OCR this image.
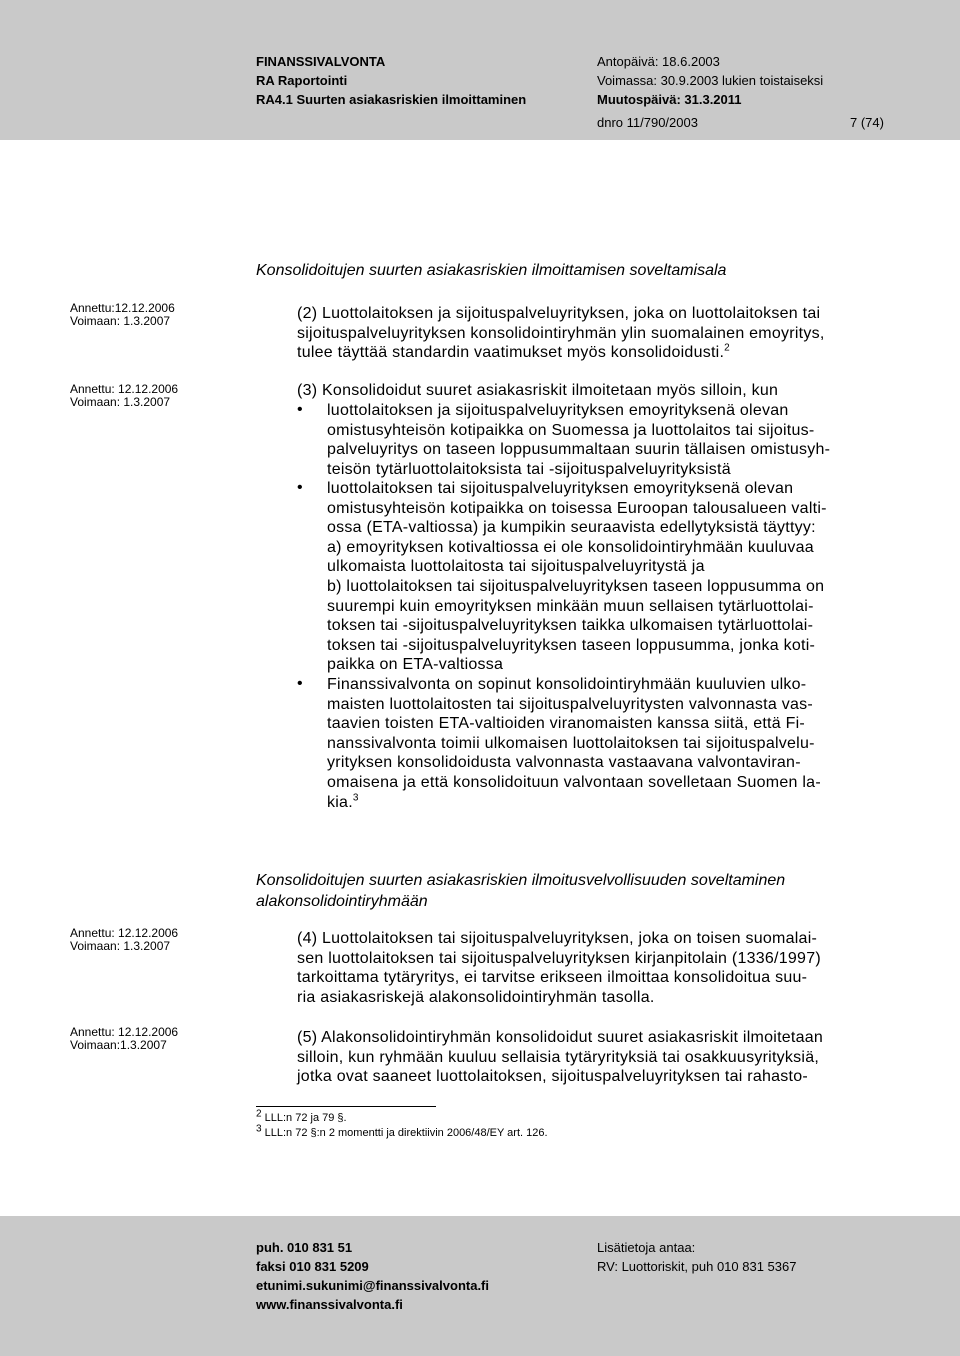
FINANSSIVALVONTA
RA Raportointi
RA4.1 Suurten asiakasriskien ilmoittaminen
Antopäivä: 18.6.2003
Voimassa: 30.9.2003 lukien toistaiseksi
Muutospäivä: 31.3.2011
dnro 11/790/2003	7 (74)
Konsolidoitujen suurten asiakasriskien ilmoittamisen soveltamisala
Annettu:12.12.2006
Voimaan: 1.3.2007
Annettu: 12.12.2006
Voimaan: 1.3.2007
(2) Luottolaitoksen ja sijoituspalveluyrityksen, joka on luottolaitoksen tai
sijoituspalveluyrityksen konsolidointiryhmän ylin suomalainen emoyritys,
tulee täyttää standardin vaatimukset myös konsolidoidusti.$^2$
(3) Konsolidoidut suuret asiakasriskit ilmoitetaan myös silloin, kun
• luottolaitoksen ja sijoituspalveluyrityksen emoyrityksenä olevan
omistusyhteisön kotipaikka on Suomessa ja luottolaitos tai sijoitus-
palveluyritys on taseen loppusummaltaan suurin tällaisen omistusyh-
teisön tytärluottolaitoksista tai -sijoituspalveluyrityksistä
• luottolaitoksen tai sijoituspalveluyrityksen emoyrityksenä olevan
omistusyhteisön kotipaikka on toisessa Euroopan talousalueen valti-
ossa (ETA-valtiossa) ja kumpikin seuraavista edellytyksistä täyttyy:
a) emoyrityksen kotivaltiossa ei ole konsolidointiryhmään kuuluvaa
ulkomaista luottolaitosta tai sijoituspalveluyritystä ja
b) luottolaitoksen tai sijoituspalveluyrityksen taseen loppusumma on
suurempi kuin emoyrityksen minkään muun sellaisen tytärluottolai-
toksen tai -sijoituspalveluyrityksen taikka ulkomaisen tytärluottolai-
toksen tai -sijoituspalveluyrityksen taseen loppusumma, jonka koti-
paikka on ETA-valtiossa
• Finanssivalvonta on sopinut konsolidointiryhmään kuuluvien ulko-
maisten luottolaitosten tai sijoituspalveluyritysten valvonnasta vas-
taavien toisten ETA-valtioiden viranomaisten kanssa siitä, että Fi-
nanssivalvonta toimii ulkomaisen luottolaitoksen tai sijoituspalvelu-
yrityksen konsolidoidusta valvonnasta vastaavana valvontaviran-
omaisena ja että konsolidoituun valvontaan sovelletaan Suomen la-
kia.$^3$
Konsolidoitujen suurten asiakasriskien ilmoitusvelvollisuuden soveltaminen
alakonsolidointiryhmään
Annettu: 12.12.2006
Voimaan: 1.3.2007
Annettu: 12.12.2006
Voimaan:1.3.2007
(4) Luottolaitoksen tai sijoituspalveluyrityksen, joka on toisen suomalai-
sen luottolaitoksen tai sijoituspalveluyrityksen kirjanpitolain (1336/1997)
tarkoittama tytäryritys, ei tarvitse erikseen ilmoittaa konsolidoitua suu-
ria asiakasriskejä alakonsolidointiryhmän tasolla.
(5) Alakonsolidointiryhmän konsolidoidut suuret asiakasriskit ilmoitetaan
silloin, kun ryhmään kuuluu sellaisia tytäryrityksiä tai osakkuusyrityksiä,
jotka ovat saaneet luottolaitoksen, sijoituspalveluyrityksen tai rahasto-
2 LLL:n 72 ja 79 §.
3 LLL:n 72 §:n 2 momentti ja direktiivin 2006/48/EY art. 126.
puh. 010 831 51
faksi 010 831 5209
etunimi.sukunimi@finanssivalvonta.fi
www.finanssivalvonta.fi
Lisätietoja antaa:
RV: Luottoriskit, puh 010 831 5367
